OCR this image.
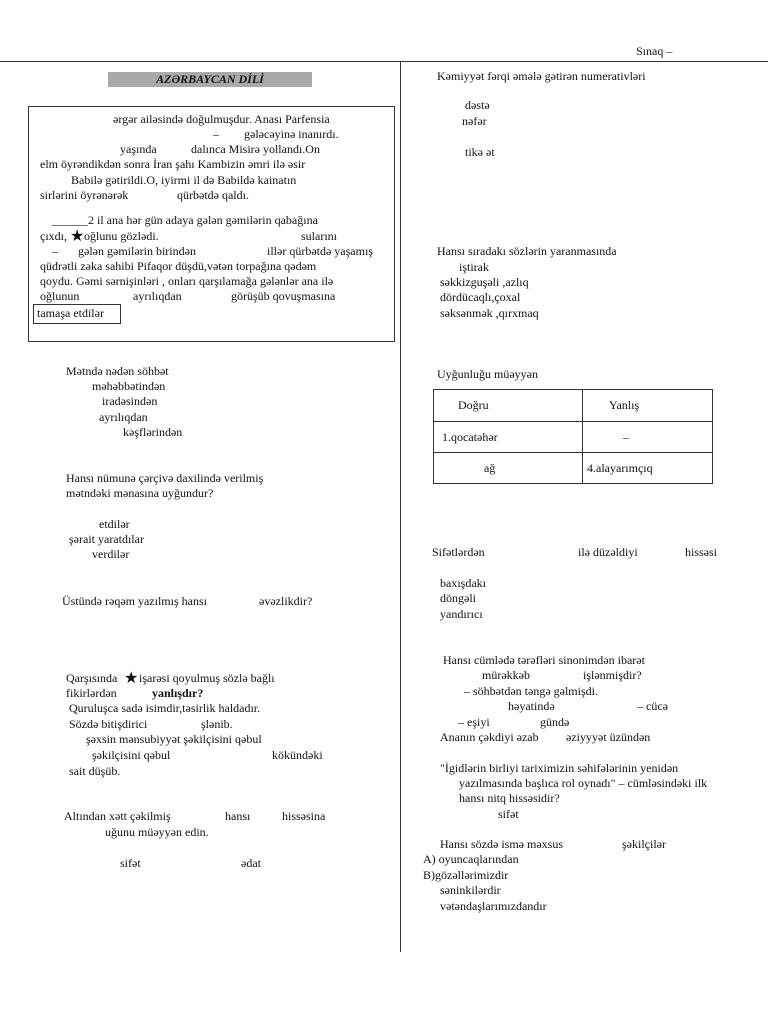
Sınaq –
AZƏRBAYCAN DİLİ
ərgər ailəsində doğulmuşdur. Anası Parfensia
– gələcəyinə inanırdı.
yaşında	dalınca Misirə yollandı.On
elm öyrəndikdən sonra İran şahı Kambizin əmri ilə əsir
Babilə gətirildi.O, iyirmi il də Babildə kainatın
sirlərini öyrənərək	qürbətdə qaldı.
______2 il ana hər gün adaya gələn gəmilərin qabağına
çıxdı, ★ oğlunu gözlədi.	sularını
– gələn gəmilərin birindən	illər qürbətdə yaşamış
qüdrətli zəka sahibi Pifaqor düşdü,vətən torpağına qədəm
qoydu. Gəmi sərnişinləri , onları qarşılamağa gələnlər ana ilə
oğlunun	ayrılıqdan	görüşüb qovuşmasına
tamaşa etdilər
Mətndə nədən söhbət
məhəbbətindən
iradəsindən
ayrılıqdan
kəşflərindən
Hansı nümunə çərçivə daxilində verilmiş
mətndəki mənasına uyğundur?
etdilər
şərait yaratdılar
verdilər
Üstündə rəqəm yazılmış hansı	əvəzlikdir?
Qarşısında ★ işarəsi qoyulmuş sözlə bağlı
fikirlərdən	yanlışdır?
Quruluşca sadə isimdir,təsirlik haldadır.
Sözdə bitişdirici	şlənib.
şəxsin mənsubiyyət şəkilçisini qəbul
şəkilçisini qəbul	kökündəki
sait düşüb.
Altından xətt çəkilmiş	hansı	hissəsina
uğunu müəyyən edin.
sifət	ədat
Kəmiyyət fərqi əmələ gətirən numerativləri
dəstə
nəfər
tikə ət
Hansı sıradakı sözlərin yaranmasında
iştirak
səkkizguşəli ,azlıq
dördücaqlı,çoxal
səksənmək ,qırxmaq
Uyğunluğu müəyyən
Doğru	Yanlış
1.qocatəhər	–
ağ	4.alayarımçıq
Sifətlərdən	ilə düzəldiyi	hissəsi
baxışdakı
döngəli
yandırıcı
Hansı cümlədə tərəfləri sinonimdən ibarət
mürəkkəb	işlənmişdir?
– söhbətdən təngə gəlmişdi.
həyatində	– cücə
– eşiyi	gündə
Ananın çəkdiyi əzab əziyyyət üzündən
"İgidlərin birliyi tariximizin səhifələrinin yenidən
yazılmasında başlıca rol oynadı" – cümləsindəki ilk
hansı nitq hissəsidir?
sifət
Hansı sözdə ismə məxsus	şəkilçilər
A) oyuncaqlarından
B)gözəllərimizdir
səninkilərdir
vətəndaşlarımızdandır
